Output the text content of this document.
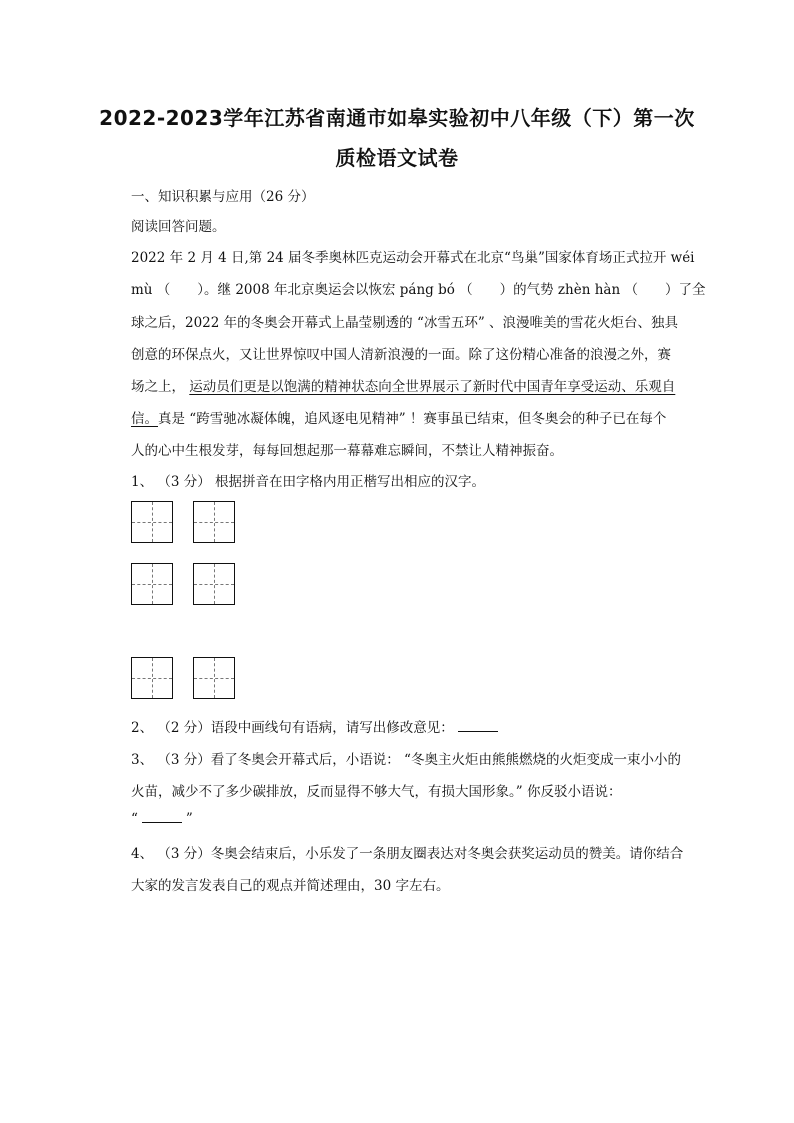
2022-2023学年江苏省南通市如皋实验初中八年级（下）第一次
质检语文试卷
一、知识积累与应用（26 分）
阅读回答问题。
2022 年 2 月 4 日,第 24 届冬季奥林匹克运动会开幕式在北京“鸟巢”国家体育场正式拉开 wéi
mù （　　）。继 2008 年北京奥运会以恢宏 páng bó （　　）的气势 zhèn hàn （　　）了全
球之后，2022 年的冬奥会开幕式上晶莹剔透的 “冰雪五环” 、浪漫唯美的雪花火炬台、独具
创意的环保点火，又让世界惊叹中国人清新浪漫的一面。除了这份精心准备的浪漫之外，赛
场之上， 运动员们更是以饱满的精神状态向全世界展示了新时代中国青年享受运动、乐观自
信。真是 “跨雪驰冰凝体魄，追风逐电见精神” ！赛事虽已结束，但冬奥会的种子已在每个
人的心中生根发芽，每每回想起那一幕幕难忘瞬间，不禁让人精神振奋。
1、 （3 分） 根据拼音在田字格内用正楷写出相应的汉字。
2、 （2 分）语段中画线句有语病，请写出修改意见：
3、 （3 分）看了冬奥会开幕式后，小语说： “冬奥主火炬由熊熊燃烧的火炬变成一束小小的
火苗，减少不了多少碳排放，反而显得不够大气，有损大国形象。” 你反驳小语说：
“	”
4、 （3 分）冬奥会结束后，小乐发了一条朋友圈表达对冬奥会获奖运动员的赞美。请你结合
大家的发言发表自己的观点并简述理由，30 字左右。
